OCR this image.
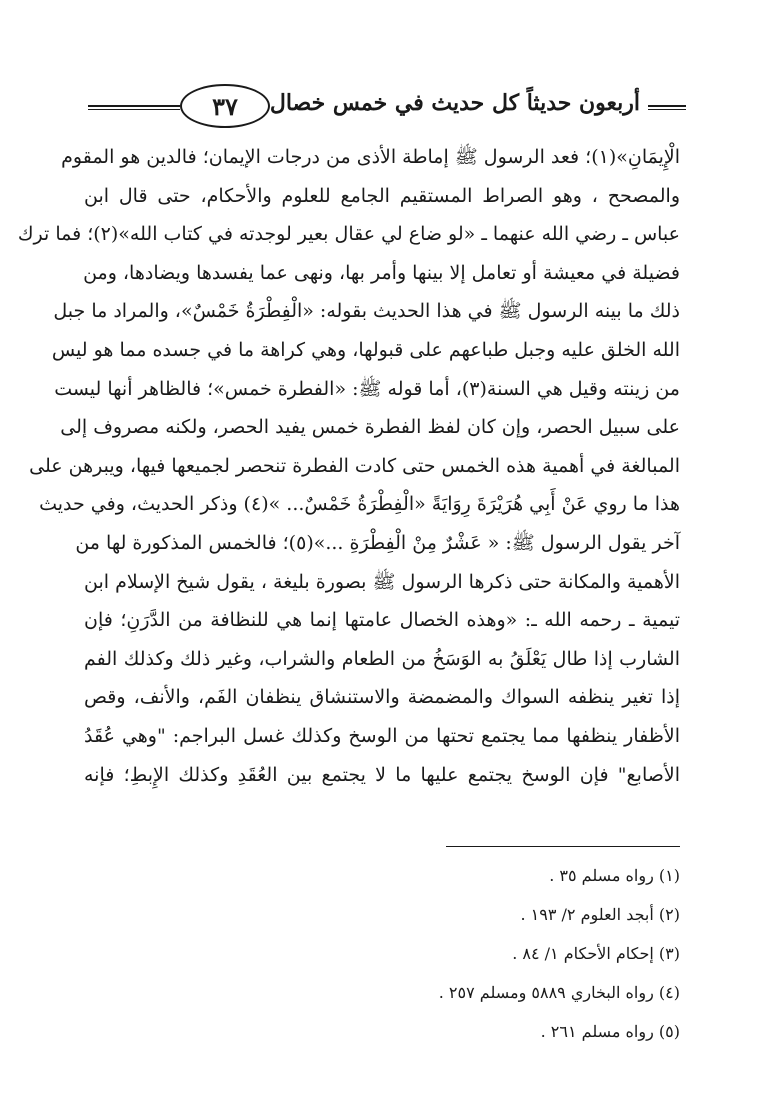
٣٧	أربعون حديثاً كل حديث في خمس خصال
الْإِيمَانِ»(١)؛ فعد الرسول ﷺ إماطة الأذى من درجات الإيمان؛ فالدين هو المقوم
والمصحح ، وهو الصراط المستقيم الجامع للعلوم والأحكام، حتى قال ابن
عباس ـ رضي الله عنهما ـ «لو ضاع لي عقال بعير لوجدته في كتاب الله»(٢)؛ فما ترك
فضيلة في معيشة أو تعامل إلا بينها وأمر بها، ونهى عما يفسدها ويضادها، ومن
ذلك ما بينه الرسول ﷺ في هذا الحديث بقوله: «الْفِطْرَةُ خَمْسٌ»، والمراد ما جبل
الله الخلق عليه وجبل طباعهم على قبولها، وهي كراهة ما في جسده مما هو ليس
من زينته وقيل هي السنة(٣)، أما قوله ﷺ: «الفطرة خمس»؛ فالظاهر أنها ليست
على سبيل الحصر، وإن كان لفظ الفطرة خمس يفيد الحصر، ولكنه مصروف إلى
المبالغة في أهمية هذه الخمس حتى كادت الفطرة تنحصر لجميعها فيها، ويبرهن على
هذا ما روي عَنْ أَبِي هُرَيْرَةَ رِوَايَةً «الْفِطْرَةُ خَمْسٌ... »(٤) وذكر الحديث، وفي حديث
آخر يقول الرسول ﷺ: « عَشْرٌ مِنْ الْفِطْرَةِ ...»(٥)؛ فالخمس المذكورة لها من
الأهمية والمكانة حتى ذكرها الرسول ﷺ بصورة بليغة ، يقول شيخ الإسلام ابن
تيمية ـ رحمه الله ـ: «وهذه الخصال عامتها إنما هي للنظافة من الدَّرَنِ؛ فإن
الشارب إذا طال يَعْلَقُ به الوَسَخُ من الطعام والشراب، وغير ذلك وكذلك الفم
إذا تغير ينظفه السواك والمضمضة والاستنشاق ينظفان الفَم، والأنف، وقص
الأظفار ينظفها مما يجتمع تحتها من الوسخ وكذلك غسل البراجم: "وهي عُقَدُ
الأصابع" فإن الوسخ يجتمع عليها ما لا يجتمع بين العُقَدِ وكذلك الإِبطِ؛ فإنه
(١) رواه مسلم ٣٥ .
(٢) أبجد العلوم ٢/ ١٩٣ .
(٣) إحكام الأحكام ١/ ٨٤ .
(٤) رواه البخاري ٥٨٨٩ ومسلم ٢٥٧ .
(٥) رواه مسلم ٢٦١ .
